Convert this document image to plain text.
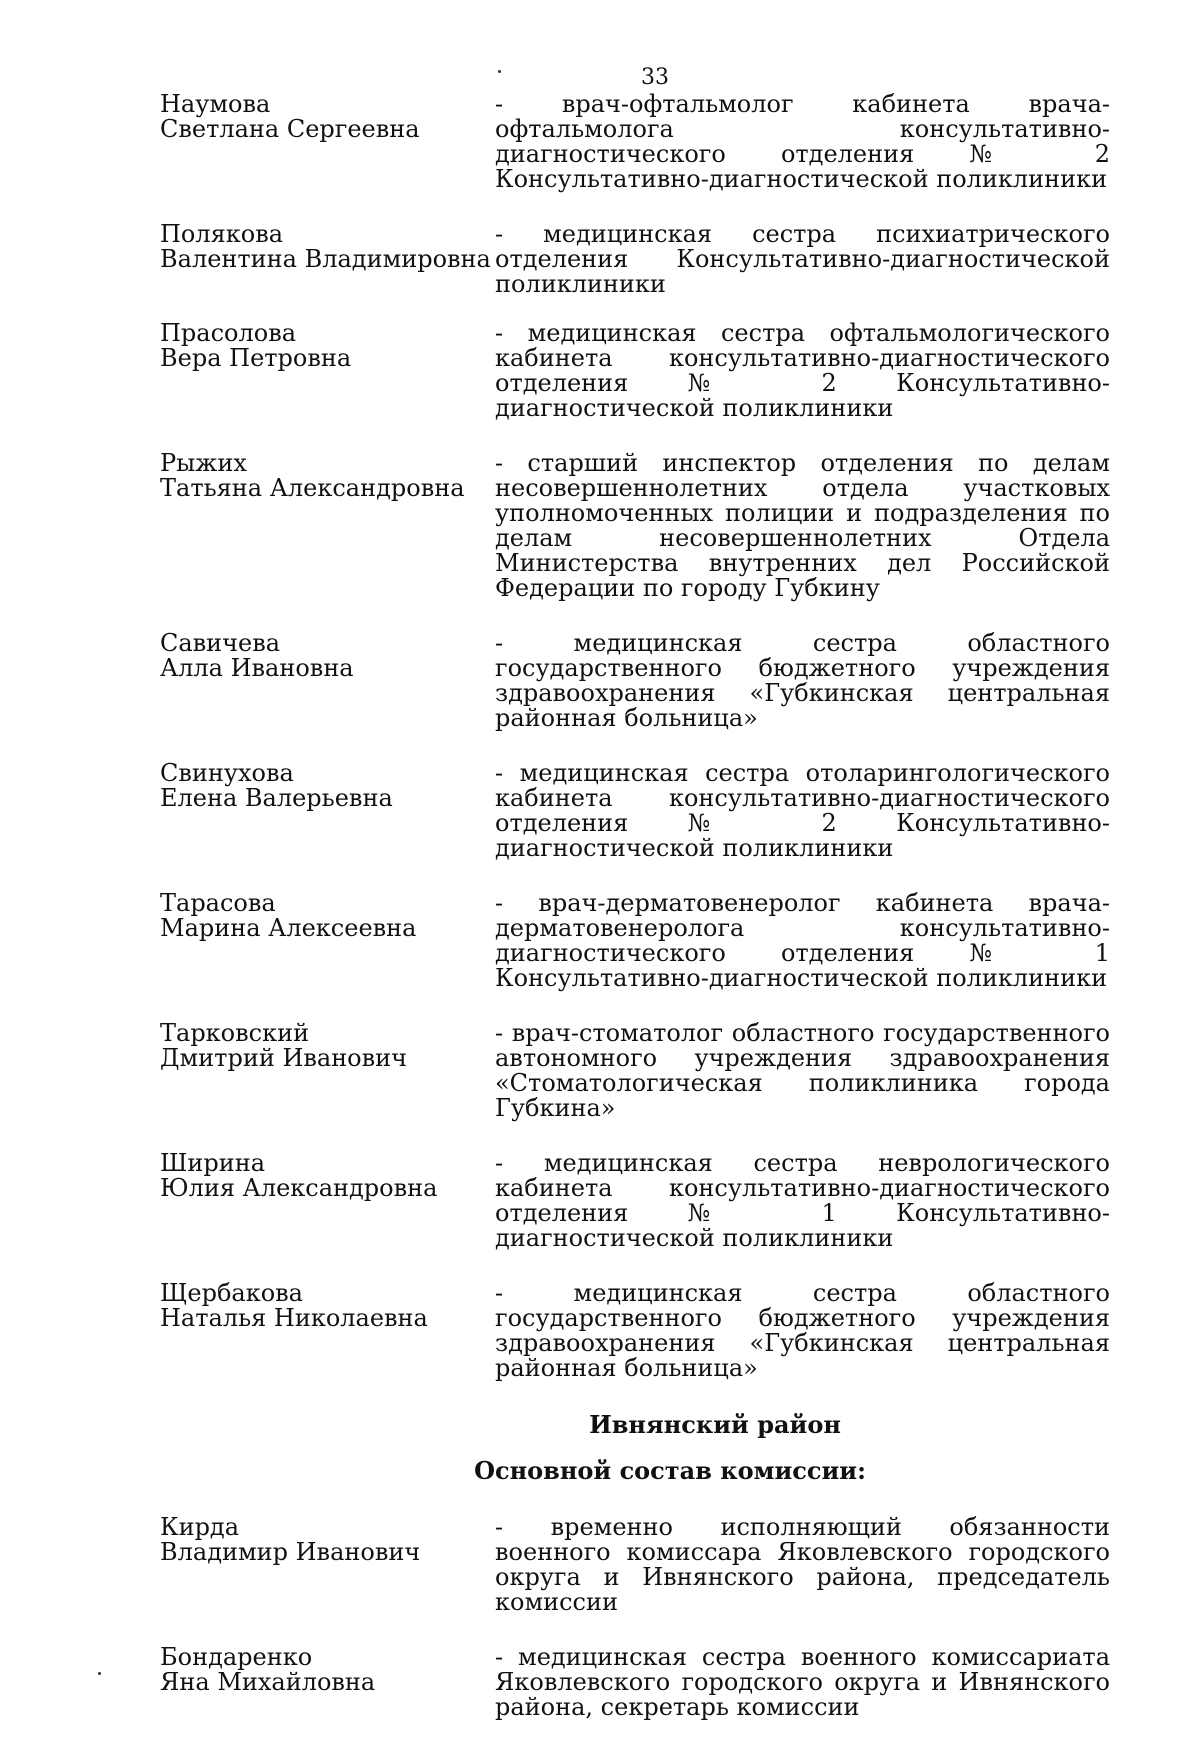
33
Наумова
Светлана Сергеевна
- врач-офтальмолог кабинета врача-офтальмолога консультативно-диагностического отделения № 2 Консультативно-диагностической поликлиники
Полякова
Валентина Владимировна
- медицинская сестра психиатрического отделения Консультативно-диагностической поликлиники
Прасолова
Вера Петровна
- медицинская сестра офтальмологического кабинета консультативно-диагностического отделения № 2 Консультативно-диагностической поликлиники
Рыжих
Татьяна Александровна
- старший инспектор отделения по делам несовершеннолетних отдела участковых уполномоченных полиции и подразделения по делам несовершеннолетних Отдела Министерства внутренних дел Российской Федерации по городу Губкину
Савичева
Алла Ивановна
- медицинская сестра областного государственного бюджетного учреждения здравоохранения «Губкинская центральная районная больница»
Свинухова
Елена Валерьевна
- медицинская сестра отоларингологического кабинета консультативно-диагностического отделения № 2 Консультативно-диагностической поликлиники
Тарасова
Марина Алексеевна
- врач-дерматовенеролог кабинета врача-дерматовенеролога консультативно-диагностического отделения № 1 Консультативно-диагностической поликлиники
Тарковский
Дмитрий Иванович
- врач-стоматолог областного государственного автономного учреждения здравоохранения «Стоматологическая поликлиника города Губкина»
Ширина
Юлия Александровна
- медицинская сестра неврологического кабинета консультативно-диагностического отделения № 1 Консультативно-диагностической поликлиники
Щербакова
Наталья Николаевна
- медицинская сестра областного государственного бюджетного учреждения здравоохранения «Губкинская центральная районная больница»
Ивнянский район
Основной состав комиссии:
Кирда
Владимир Иванович
- временно исполняющий обязанности военного комиссара Яковлевского городского округа и Ивнянского района, председатель комиссии
Бондаренко
Яна Михайловна
- медицинская сестра военного комиссариата Яковлевского городского округа и Ивнянского района, секретарь комиссии
